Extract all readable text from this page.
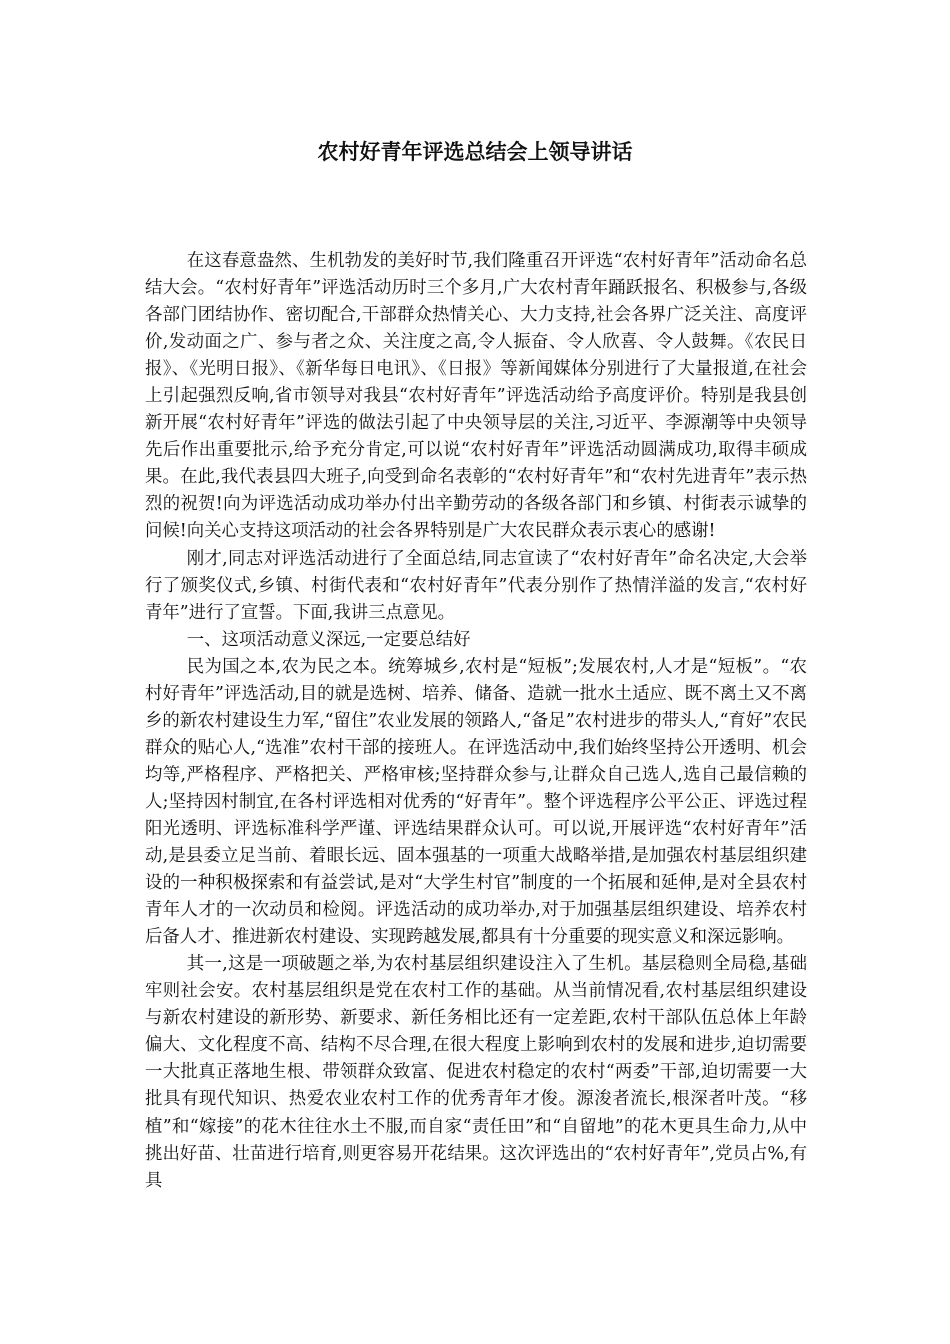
农村好青年评选总结会上领导讲话

在这春意盎然、生机勃发的美好时节,我们隆重召开评选“农村好青年”活动命名总结大会。“农村好青年”评选活动历时三个多月,广大农村青年踊跃报名、积极参与,各级各部门团结协作、密切配合,干部群众热情关心、大力支持,社会各界广泛关注、高度评价,发动面之广、参与者之众、关注度之高,令人振奋、令人欣喜、令人鼓舞。《农民日报》、《光明日报》、《新华每日电讯》、《日报》等新闻媒体分别进行了大量报道,在社会上引起强烈反响,省市领导对我县“农村好青年”评选活动给予高度评价。特别是我县创新开展“农村好青年”评选的做法引起了中央领导层的关注,习近平、李源潮等中央领导先后作出重要批示,给予充分肯定,可以说“农村好青年”评选活动圆满成功,取得丰硕成果。在此,我代表县四大班子,向受到命名表彰的“农村好青年”和“农村先进青年”表示热烈的祝贺!向为评选活动成功举办付出辛勤劳动的各级各部门和乡镇、村街表示诚挚的问候!向关心支持这项活动的社会各界特别是广大农民群众表示衷心的感谢!

刚才,同志对评选活动进行了全面总结,同志宣读了“农村好青年”命名决定,大会举行了颁奖仪式,乡镇、村街代表和“农村好青年”代表分别作了热情洋溢的发言,“农村好青年”进行了宣誓。下面,我讲三点意见。

一、这项活动意义深远,一定要总结好

民为国之本,农为民之本。统筹城乡,农村是“短板”;发展农村,人才是“短板”。“农村好青年”评选活动,目的就是选树、培养、储备、造就一批水土适应、既不离土又不离乡的新农村建设生力军,“留住”农业发展的领路人,“备足”农村进步的带头人,“育好”农民群众的贴心人,“选准”农村干部的接班人。在评选活动中,我们始终坚持公开透明、机会均等,严格程序、严格把关、严格审核;坚持群众参与,让群众自己选人,选自己最信赖的人;坚持因村制宜,在各村评选相对优秀的“好青年”。整个评选程序公平公正、评选过程阳光透明、评选标准科学严谨、评选结果群众认可。可以说,开展评选“农村好青年”活动,是县委立足当前、着眼长远、固本强基的一项重大战略举措,是加强农村基层组织建设的一种积极探索和有益尝试,是对“大学生村官”制度的一个拓展和延伸,是对全县农村青年人才的一次动员和检阅。评选活动的成功举办,对于加强基层组织建设、培养农村后备人才、推进新农村建设、实现跨越发展,都具有十分重要的现实意义和深远影响。

其一,这是一项破题之举,为农村基层组织建设注入了生机。基层稳则全局稳,基础牢则社会安。农村基层组织是党在农村工作的基础。从当前情况看,农村基层组织建设与新农村建设的新形势、新要求、新任务相比还有一定差距,农村干部队伍总体上年龄偏大、文化程度不高、结构不尽合理,在很大程度上影响到农村的发展和进步,迫切需要一大批真正落地生根、带领群众致富、促进农村稳定的农村“两委”干部,迫切需要一大批具有现代知识、热爱农业农村工作的优秀青年才俊。源浚者流长,根深者叶茂。“移植”和“嫁接”的花木往往水土不服,而自家“责任田”和“自留地”的花木更具生命力,从中挑出好苗、壮苗进行培育,则更容易开花结果。这次评选出的“农村好青年”,党员占%,有具
